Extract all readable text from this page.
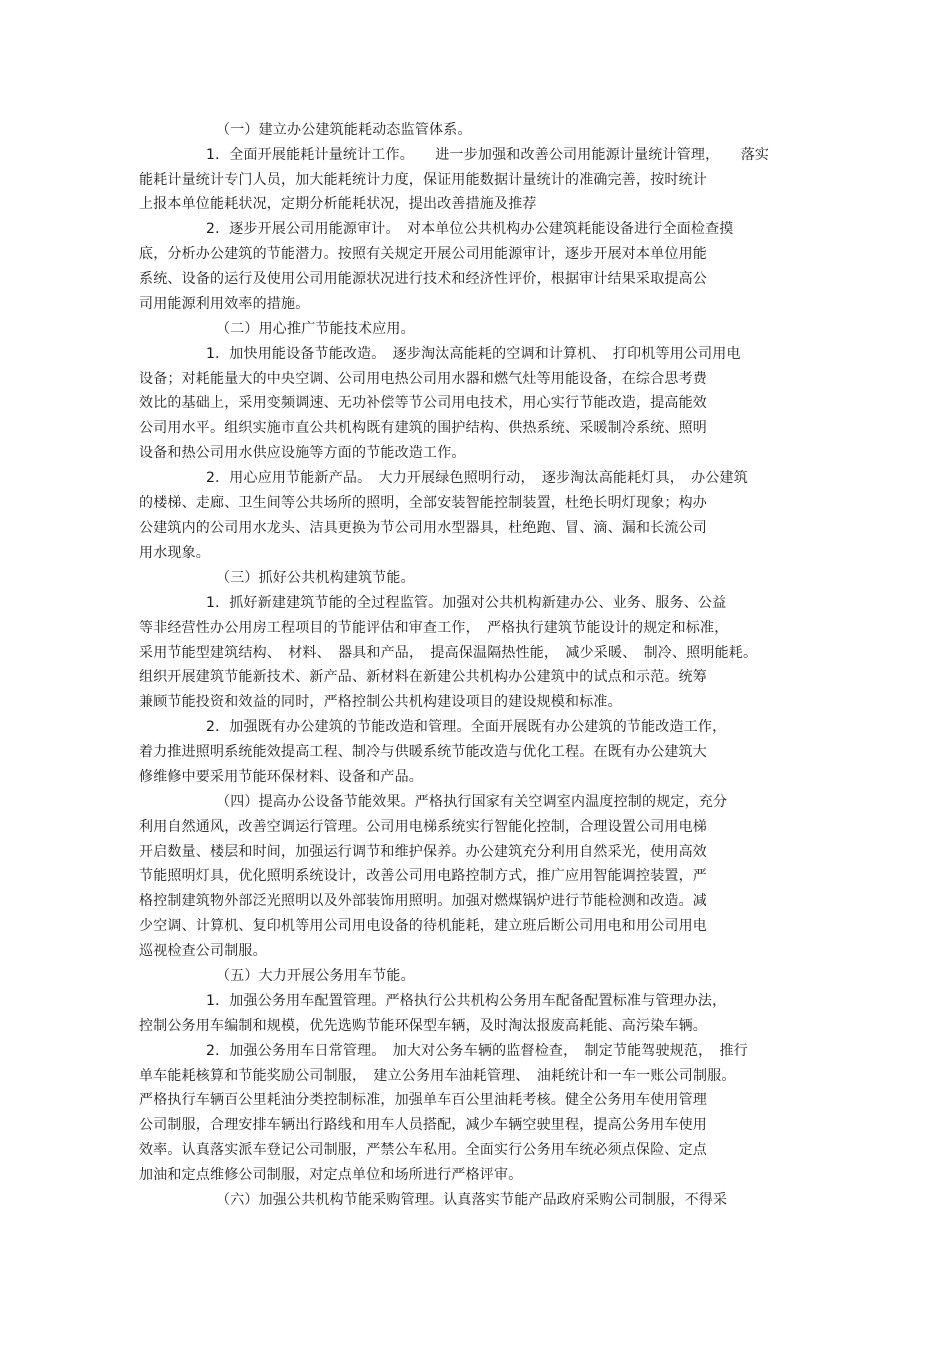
（一）建立办公建筑能耗动态监管体系。
1．全面开展能耗计量统计工作。　　进一步加强和改善公司用能源计量统计管理，　　落实
能耗计量统计专门人员，加大能耗统计力度，保证用能数据计量统计的准确完善，按时统计
上报本单位能耗状况，定期分析能耗状况，提出改善措施及推荐
2．逐步开展公司用能源审计。　对本单位公共机构办公建筑耗能设备进行全面检查摸
底，分析办公建筑的节能潜力。按照有关规定开展公司用能源审计，逐步开展对本单位用能
系统、设备的运行及使用公司用能源状况进行技术和经济性评价，根据审计结果采取提高公
司用能源利用效率的措施。
（二）用心推广节能技术应用。
1．加快用能设备节能改造。　逐步淘汰高能耗的空调和计算机、　打印机等用公司用电
设备；对耗能量大的中央空调、公司用电热公司用水器和燃气灶等用能设备，在综合思考费
效比的基础上，采用变频调速、无功补偿等节公司用电技术，用心实行节能改造，提高能效
公司用水平。组织实施市直公共机构既有建筑的围护结构、供热系统、采暖制冷系统、照明
设备和热公司用水供应设施等方面的节能改造工作。
2．用心应用节能新产品。　大力开展绿色照明行动，　逐步淘汰高能耗灯具，　办公建筑
的楼梯、走廊、卫生间等公共场所的照明，全部安装智能控制装置，杜绝长明灯现象；构办
公建筑内的公司用水龙头、洁具更换为节公司用水型器具，杜绝跑、冒、滴、漏和长流公司
用水现象。
（三）抓好公共机构建筑节能。
1．抓好新建建筑节能的全过程监管。加强对公共机构新建办公、业务、服务、公益
等非经营性办公用房工程项目的节能评估和审查工作，　严格执行建筑节能设计的规定和标准，
采用节能型建筑结构、　材料、　器具和产品，　提高保温隔热性能，　减少采暖、　制冷、照明能耗。
组织开展建筑节能新技术、新产品、新材料在新建公共机构办公建筑中的试点和示范。统筹
兼顾节能投资和效益的同时，严格控制公共机构建设项目的建设规模和标准。
2．加强既有办公建筑的节能改造和管理。全面开展既有办公建筑的节能改造工作，
着力推进照明系统能效提高工程、制冷与供暖系统节能改造与优化工程。在既有办公建筑大
修维修中要采用节能环保材料、设备和产品。
（四）提高办公设备节能效果。严格执行国家有关空调室内温度控制的规定，充分
利用自然通风，改善空调运行管理。公司用电梯系统实行智能化控制，合理设置公司用电梯
开启数量、楼层和时间，加强运行调节和维护保养。办公建筑充分利用自然采光，使用高效
节能照明灯具，优化照明系统设计，改善公司用电路控制方式，推广应用智能调控装置，严
格控制建筑物外部泛光照明以及外部装饰用照明。加强对燃煤锅炉进行节能检测和改造。减
少空调、计算机、复印机等用公司用电设备的待机能耗，建立班后断公司用电和用公司用电
巡视检查公司制服。
（五）大力开展公务用车节能。
1．加强公务用车配置管理。严格执行公共机构公务用车配备配置标准与管理办法，
控制公务用车编制和规模，优先选购节能环保型车辆，及时淘汰报废高耗能、高污染车辆。
2．加强公务用车日常管理。　加大对公务车辆的监督检查，　制定节能驾驶规范，　推行
单车能耗核算和节能奖励公司制服，　建立公务用车油耗管理、　油耗统计和一车一账公司制服。
严格执行车辆百公里耗油分类控制标准，加强单车百公里油耗考核。健全公务用车使用管理
公司制服，合理安排车辆出行路线和用车人员搭配，减少车辆空驶里程，提高公务用车使用
效率。认真落实派车登记公司制服，严禁公车私用。全面实行公务用车统必须点保险、定点
加油和定点维修公司制服，对定点单位和场所进行严格评审。
（六）加强公共机构节能采购管理。认真落实节能产品政府采购公司制服，不得采
